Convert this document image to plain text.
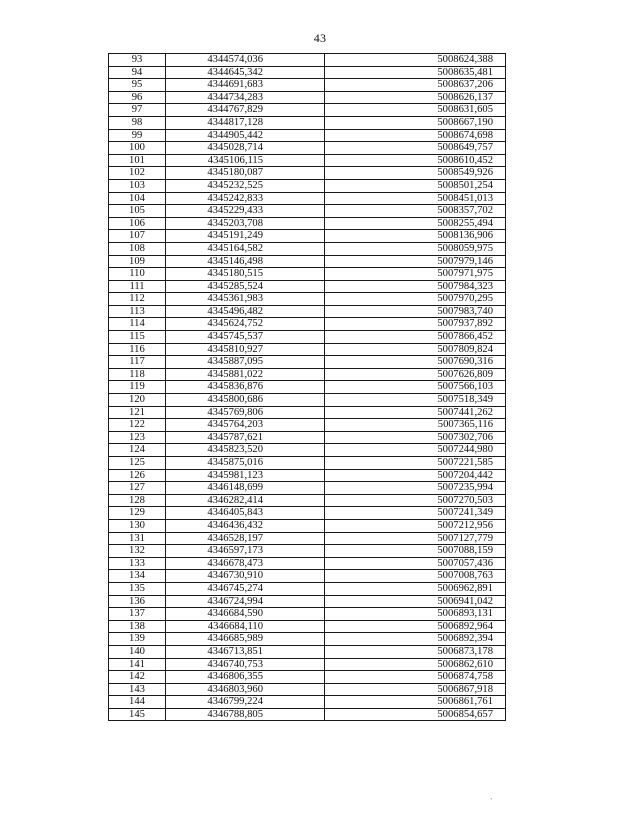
43
93	4344574,036	5008624,388
94	4344645,342	5008635,481
95	4344691,683	5008637,206
96	4344734,283	5008626,137
97	4344767,829	5008631,605
98	4344817,128	5008667,190
99	4344905,442	5008674,698
100	4345028,714	5008649,757
101	4345106,115	5008610,452
102	4345180,087	5008549,926
103	4345232,525	5008501,254
104	4345242,833	5008451,013
105	4345229,433	5008357,702
106	4345203,708	5008255,494
107	4345191,249	5008136,906
108	4345164,582	5008059,975
109	4345146,498	5007979,146
110	4345180,515	5007971,975
111	4345285,524	5007984,323
112	4345361,983	5007970,295
113	4345496,482	5007983,740
114	4345624,752	5007937,892
115	4345745,537	5007866,452
116	4345810,927	5007809,824
117	4345887,095	5007690,316
118	4345881,022	5007626,809
119	4345836,876	5007566,103
120	4345800,686	5007518,349
121	4345769,806	5007441,262
122	4345764,203	5007365,116
123	4345787,621	5007302,706
124	4345823,520	5007244,980
125	4345875,016	5007221,585
126	4345981,123	5007204,442
127	4346148,699	5007235,994
128	4346282,414	5007270,503
129	4346405,843	5007241,349
130	4346436,432	5007212,956
131	4346528,197	5007127,779
132	4346597,173	5007088,159
133	4346678,473	5007057,436
134	4346730,910	5007008,763
135	4346745,274	5006962,891
136	4346724,994	5006941,042
137	4346684,590	5006893,131
138	4346684,110	5006892,964
139	4346685,989	5006892,394
140	4346713,851	5006873,178
141	4346740,753	5006862,610
142	4346806,355	5006874,758
143	4346803,960	5006867,918
144	4346799,224	5006861,761
145	4346788,805	5006854,657
`
